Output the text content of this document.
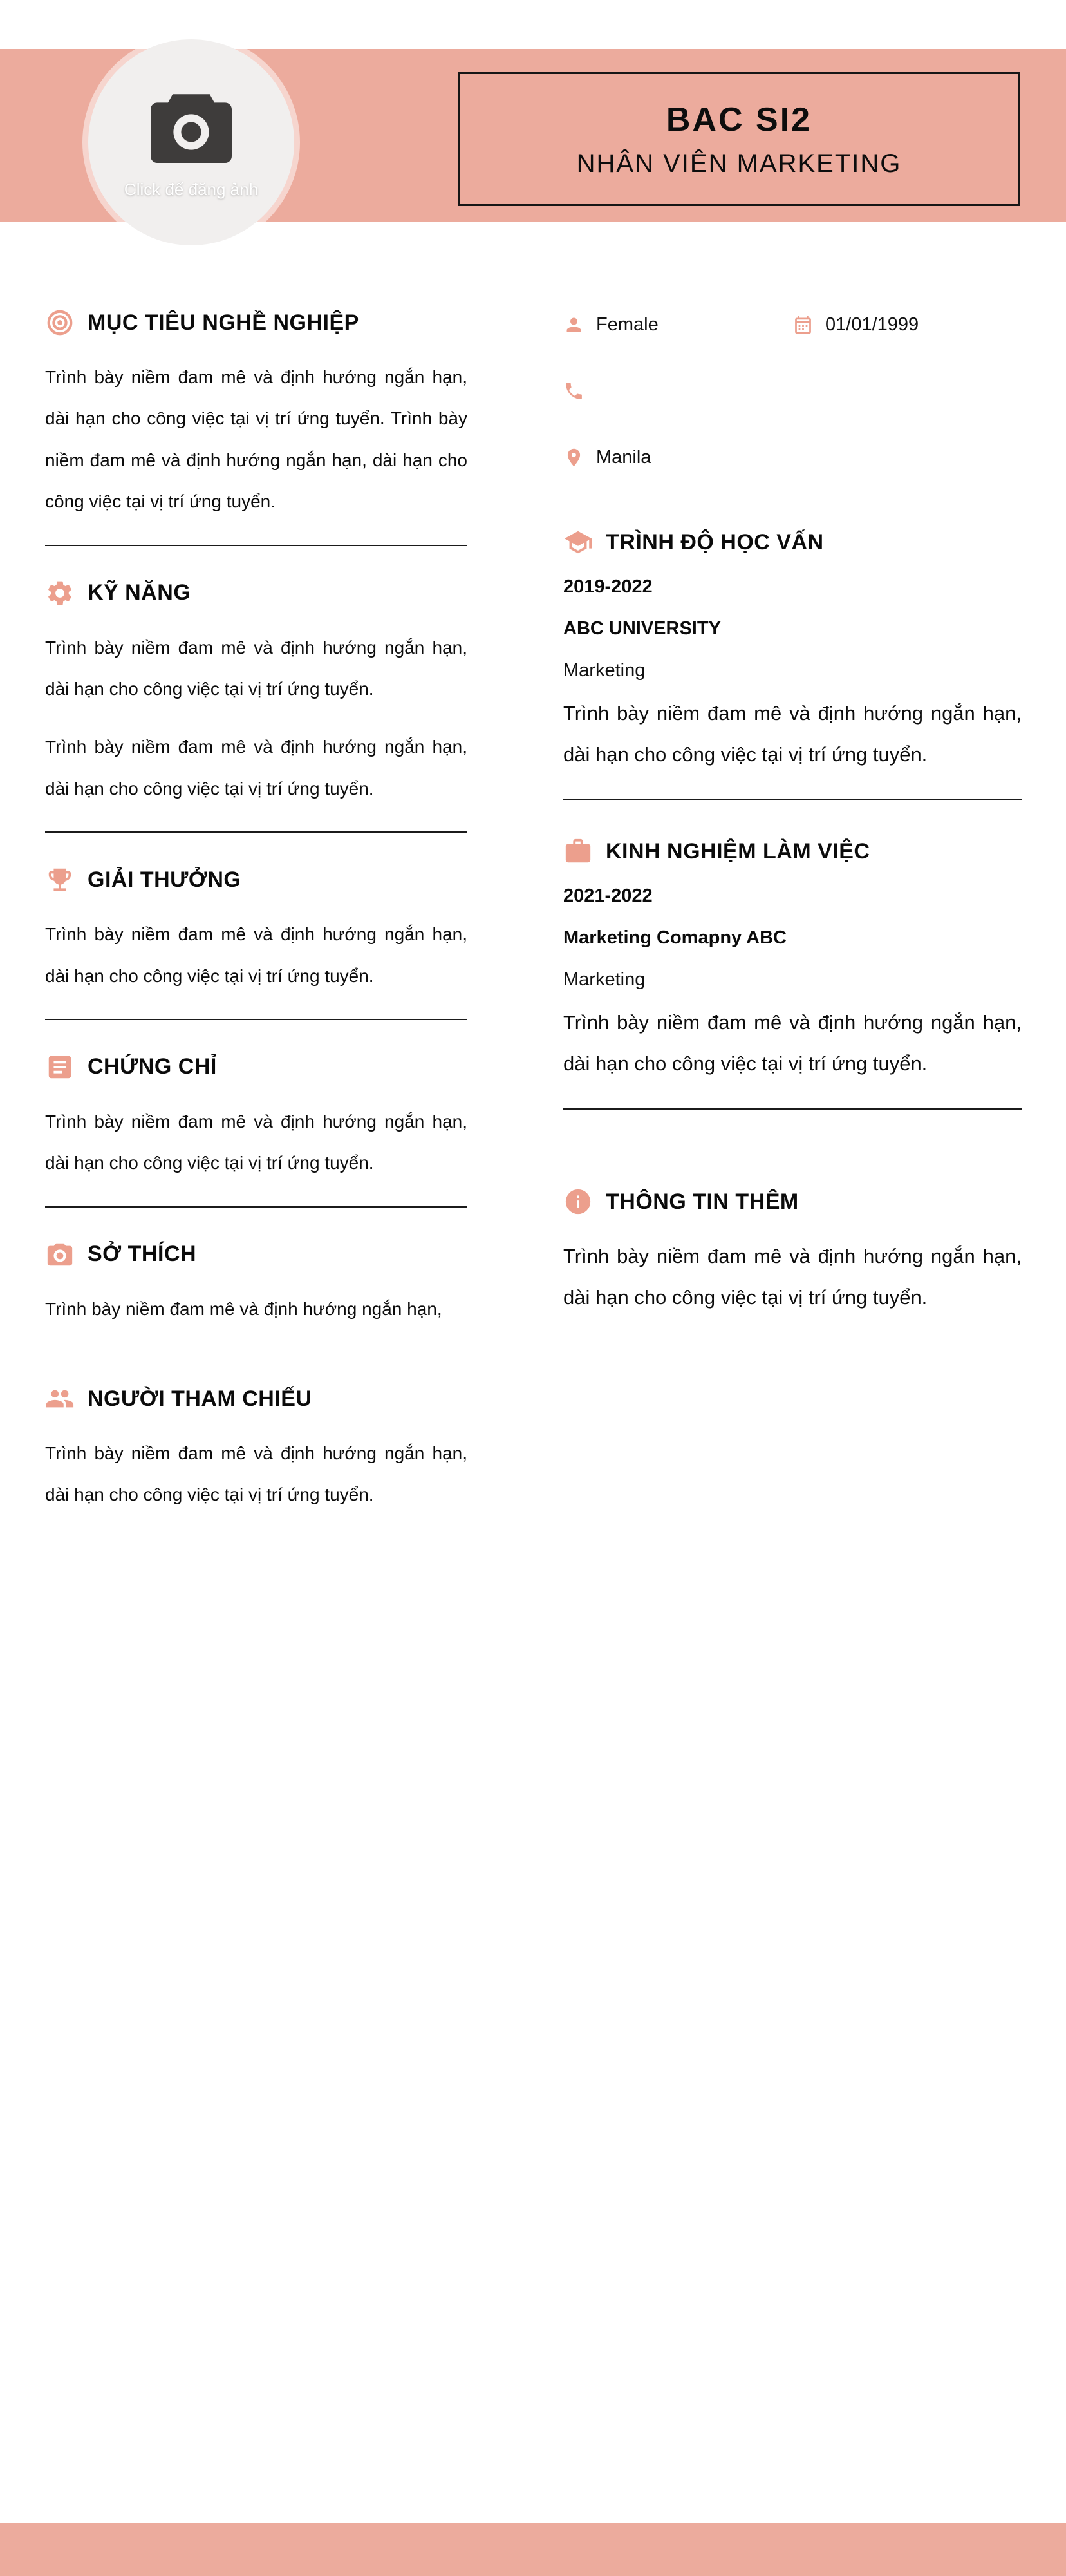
Click để đăng ảnh
BAC SI2
NHÂN VIÊN MARKETING
MỤC TIÊU NGHỀ NGHIỆP

Trình bày niềm đam mê và định hướng ngắn hạn, dài hạn cho công việc tại vị trí ứng tuyển. Trình bày niềm đam mê và định hướng ngắn hạn, dài hạn cho công việc tại vị trí ứng tuyển.

KỸ NĂNG

Trình bày niềm đam mê và định hướng ngắn hạn, dài hạn cho công việc tại vị trí ứng tuyển.

Trình bày niềm đam mê và định hướng ngắn hạn, dài hạn cho công việc tại vị trí ứng tuyển.

GIẢI THƯỞNG

Trình bày niềm đam mê và định hướng ngắn hạn, dài hạn cho công việc tại vị trí ứng tuyển.

CHỨNG CHỈ

Trình bày niềm đam mê và định hướng ngắn hạn, dài hạn cho công việc tại vị trí ứng tuyển.

SỞ THÍCH

Trình bày niềm đam mê và định hướng ngắn hạn,

NGƯỜI THAM CHIẾU

Trình bày niềm đam mê và định hướng ngắn hạn, dài hạn cho công việc tại vị trí ứng tuyển.

Female	01/01/1999
Manila
TRÌNH ĐỘ HỌC VẤN

2019-2022

ABC UNIVERSITY

Marketing

Trình bày niềm đam mê và định hướng ngắn hạn, dài hạn cho công việc tại vị trí ứng tuyển.

KINH NGHIỆM LÀM VIỆC

2021-2022

Marketing Comapny ABC

Marketing

Trình bày niềm đam mê và định hướng ngắn hạn, dài hạn cho công việc tại vị trí ứng tuyển.

THÔNG TIN THÊM

Trình bày niềm đam mê và định hướng ngắn hạn, dài hạn cho công việc tại vị trí ứng tuyển.
